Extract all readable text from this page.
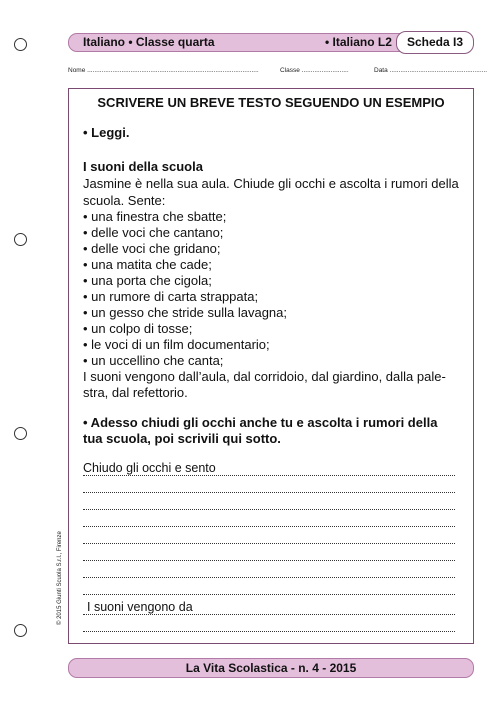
Italiano • Classe quarta	• Italiano L2	Scheda I3
Nome ...............................................................................................	Classe ..........................	Data ......................................................
SCRIVERE UN BREVE TESTO SEGUENDO UN ESEMPIO
• Leggi.
I suoni della scuola
Jasmine è nella sua aula. Chiude gli occhi e ascolta i rumori della
scuola. Sente:
• una finestra che sbatte;
• delle voci che cantano;
• delle voci che gridano;
• una matita che cade;
• una porta che cigola;
• un rumore di carta strappata;
• un gesso che stride sulla lavagna;
• un colpo di tosse;
• le voci di un film documentario;
• un uccellino che canta;
I suoni vengono dall’aula, dal corridoio, dal giardino, dalla pale-
stra, dal refettorio.
• Adesso chiudi gli occhi anche tu e ascolta i rumori della
tua scuola, poi scrivili qui sotto.
Chiudo gli occhi e sento
I suoni vengono da
La Vita Scolastica - n. 4 - 2015
© 2015 Giunti Scuola S.r.l., Firenze
